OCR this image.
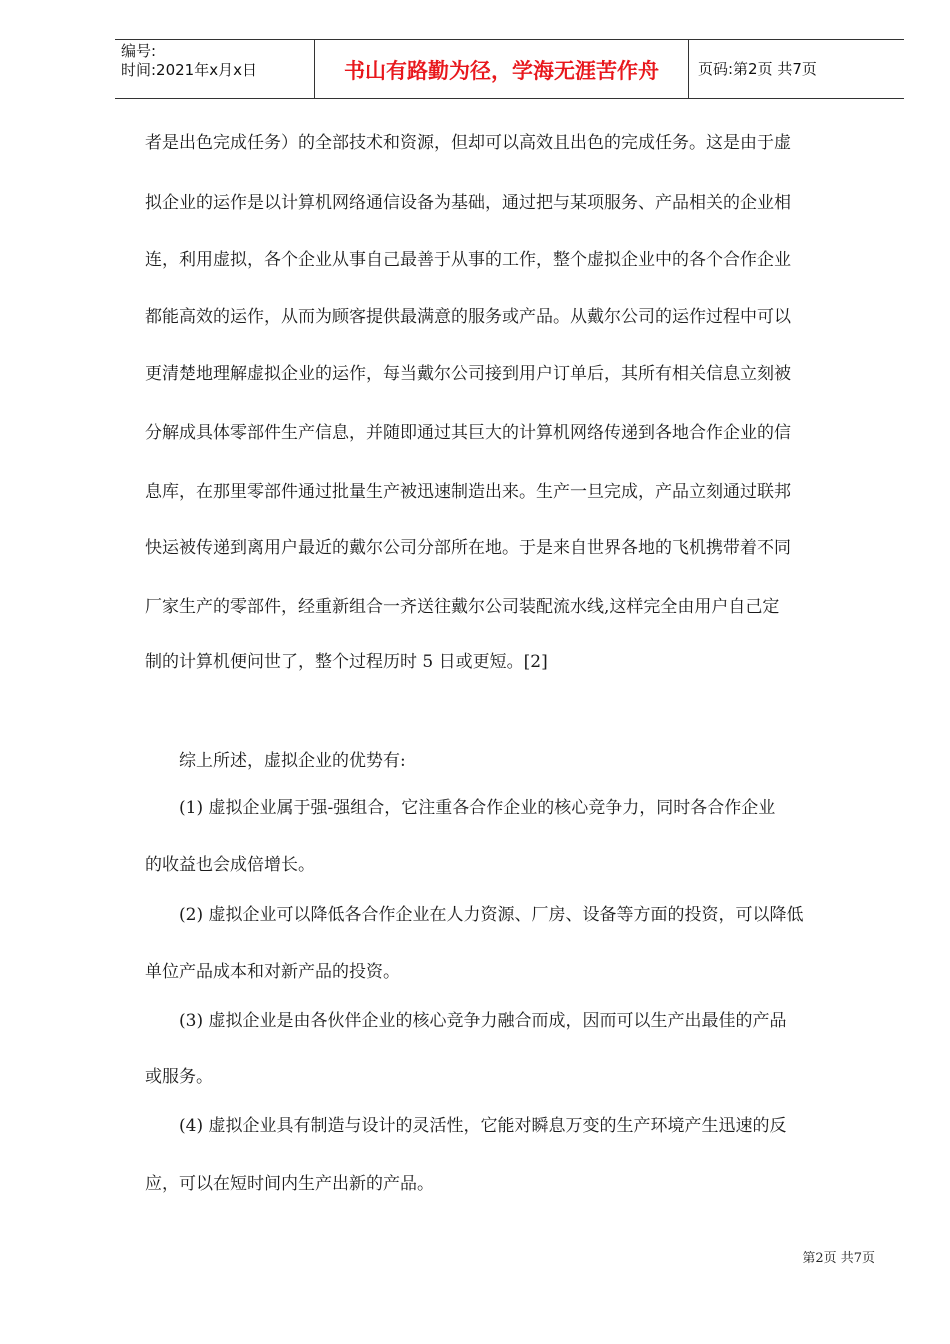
编号:
时间:2021年x月x日	书山有路勤为径，学海无涯苦作舟	页码:第2页 共7页
者是出色完成任务）的全部技术和资源，但却可以高效且出色的完成任务。这是由于虚
拟企业的运作是以计算机网络通信设备为基础，通过把与某项服务、产品相关的企业相
连，利用虚拟，各个企业从事自己最善于从事的工作，整个虚拟企业中的各个合作企业
都能高效的运作，从而为顾客提供最满意的服务或产品。从戴尔公司的运作过程中可以
更清楚地理解虚拟企业的运作，每当戴尔公司接到用户订单后，其所有相关信息立刻被
分解成具体零部件生产信息，并随即通过其巨大的计算机网络传递到各地合作企业的信
息库，在那里零部件通过批量生产被迅速制造出来。生产一旦完成，产品立刻通过联邦
快运被传递到离用户最近的戴尔公司分部所在地。于是来自世界各地的飞机携带着不同
厂家生产的零部件，经重新组合一齐送往戴尔公司装配流水线,这样完全由用户自己定
制的计算机便问世了，整个过程历时 5 日或更短。[2]
综上所述，虚拟企业的优势有:
(1) 虚拟企业属于强-强组合，它注重各合作企业的核心竞争力，同时各合作企业
的收益也会成倍增长。
(2) 虚拟企业可以降低各合作企业在人力资源、厂房、设备等方面的投资，可以降低
单位产品成本和对新产品的投资。
(3) 虚拟企业是由各伙伴企业的核心竞争力融合而成，因而可以生产出最佳的产品
或服务。
(4) 虚拟企业具有制造与设计的灵活性，它能对瞬息万变的生产环境产生迅速的反
应，可以在短时间内生产出新的产品。
第2页 共7页
